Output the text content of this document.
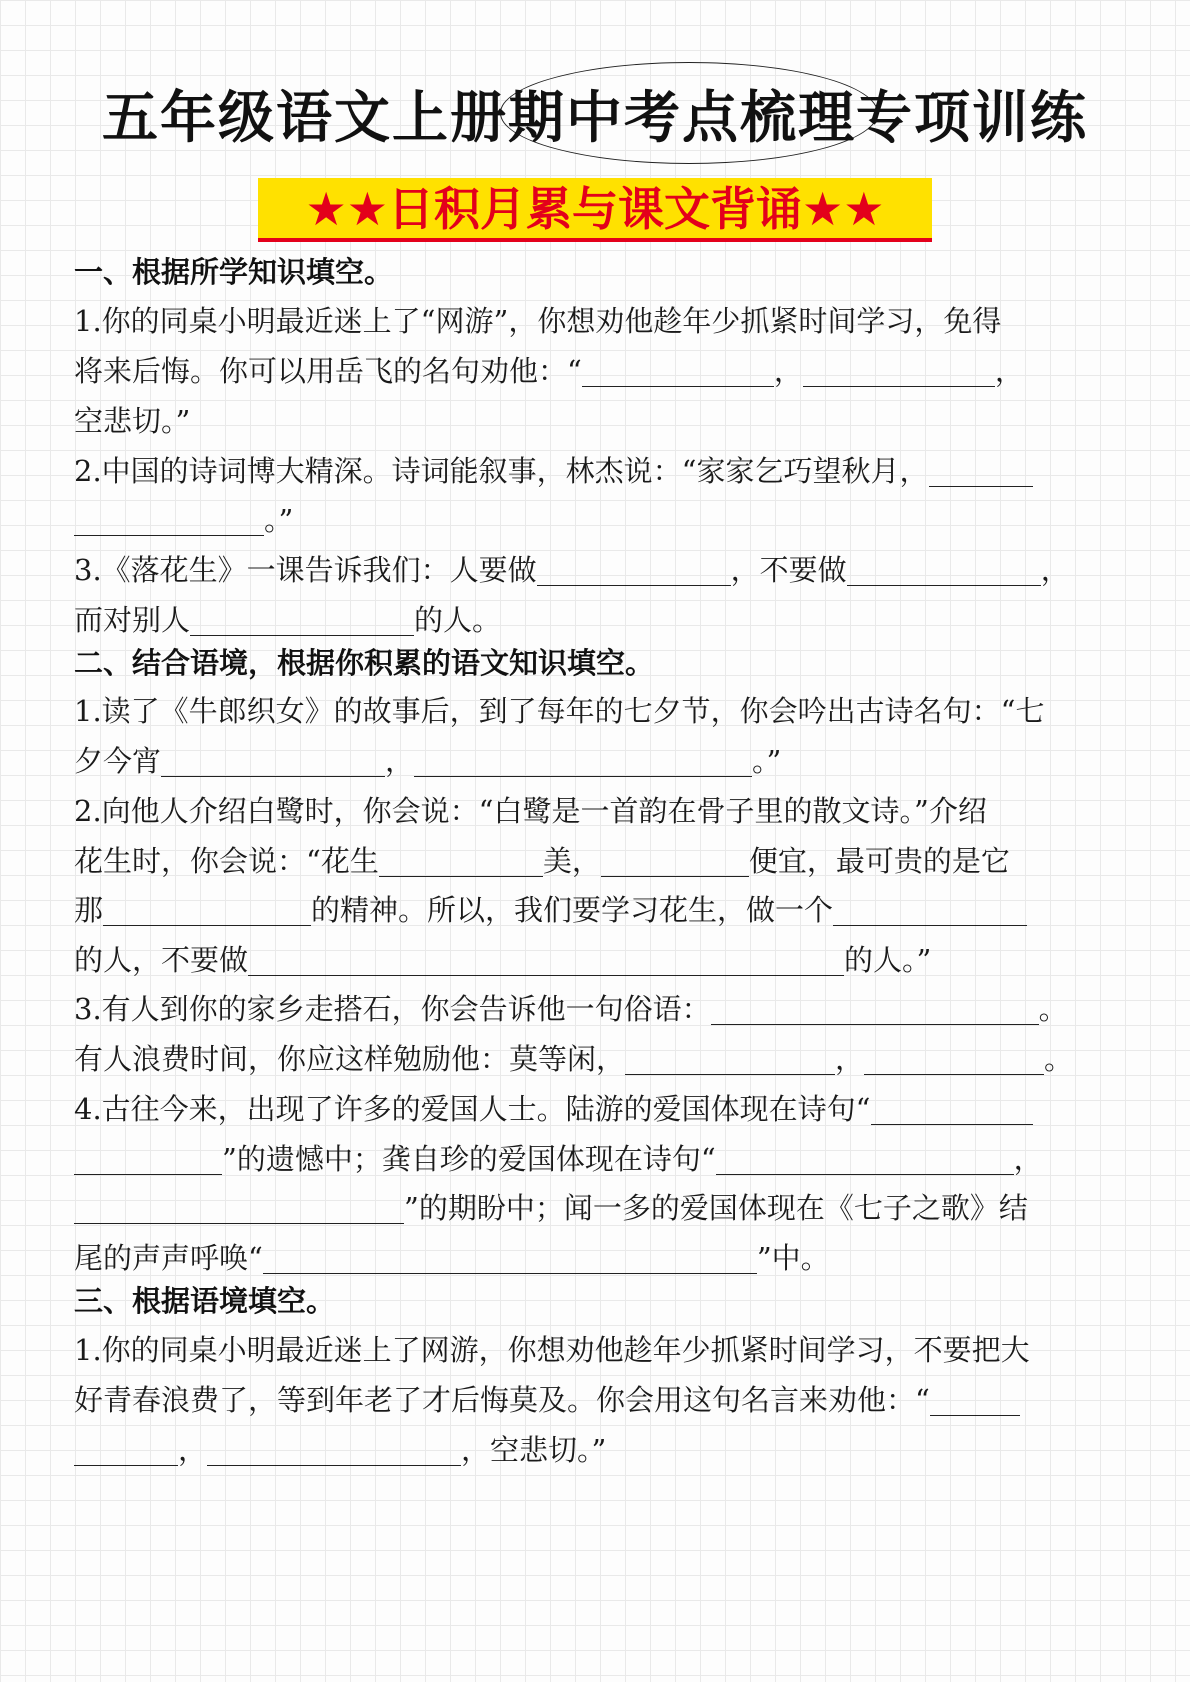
五年级语文上册期中考点梳理专项训练
★★日积月累与课文背诵★★
一、根据所学知识填空。
1.你的同桌小明最近迷上了“网游”，你想劝他趁年少抓紧时间学习，免得
将来后悔。你可以用岳飞的名句劝他：“	，	，
空悲切。”
2.中国的诗词博大精深。诗词能叙事，林杰说：“家家乞巧望秋月，
。”
3.《落花生》一课告诉我们：人要做	，不要做	，
而对别人	的人。
二、结合语境，根据你积累的语文知识填空。
1.读了《牛郎织女》的故事后，到了每年的七夕节，你会吟出古诗名句：“七
夕今宵	，	。”
2.向他人介绍白鹭时，你会说：“白鹭是一首韵在骨子里的散文诗。”介绍
花生时，你会说：“花生	美，	便宜，最可贵的是它
那	的精神。所以，我们要学习花生，做一个
的人，不要做	的人。”
3.有人到你的家乡走搭石，你会告诉他一句俗语：	。
有人浪费时间，你应这样勉励他：莫等闲，	，	。
4.古往今来，出现了许多的爱国人士。陆游的爱国体现在诗句“
”的遗憾中；龚自珍的爱国体现在诗句“	，
”的期盼中；闻一多的爱国体现在《七子之歌》结
尾的声声呼唤“	”中。
三、根据语境填空。
1.你的同桌小明最近迷上了网游，你想劝他趁年少抓紧时间学习，不要把大
好青春浪费了，等到年老了才后悔莫及。你会用这句名言来劝他：“
，	，空悲切。”
